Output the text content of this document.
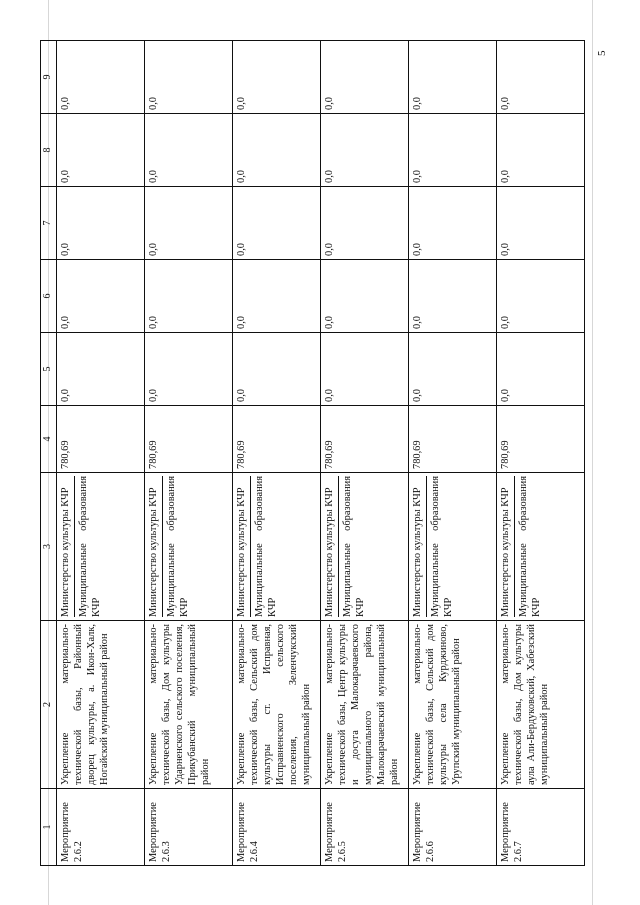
5
1	2	3	4	5	6	7	8	9
Мероприятие 2.6.2	Укрепление материально-технической базы, Районный дворец культуры, а. Икон-Халк, Ногайский муниципальный район	Министерство культуры КЧР Муниципальные образования КЧР	780,69	0,0	0,0	0,0	0,0	0,0
Мероприятие 2.6.3	Укрепление материально-технической базы, Дом культуры Ударненского сельского поселения, Прикубанский муниципальный район	Министерство культуры КЧР Муниципальные образования КЧР	780,69	0,0	0,0	0,0	0,0	0,0
Мероприятие 2.6.4	Укрепление материально-технической базы, Сельский дом культуры ст. Исправная, Исправненского сельского поселения, Зеленчукский муниципальный район	Министерство культуры КЧР Муниципальные образования КЧР	780,69	0,0	0,0	0,0	0,0	0,0
Мероприятие 2.6.5	Укрепление материально-технической базы, Центр культуры и досуга Малокарачаевского муниципального района, Малокарачаевский муниципальный район	Министерство культуры КЧР Муниципальные образования КЧР	780,69	0,0	0,0	0,0	0,0	0,0
Мероприятие 2.6.6	Укрепление материально-технической базы, Сельский дом культуры села Курджиново, Урупский муниципальный район	Министерство культуры КЧР Муниципальные образования КЧР	780,69	0,0	0,0	0,0	0,0	0,0
Мероприятие 2.6.7	Укрепление материально-технической базы, Дом культуры аула Али-Бердуковский, Хабезский муниципальный район	Министерство культуры КЧР Муниципальные образования КЧР	780,69	0,0	0,0	0,0	0,0	0,0
